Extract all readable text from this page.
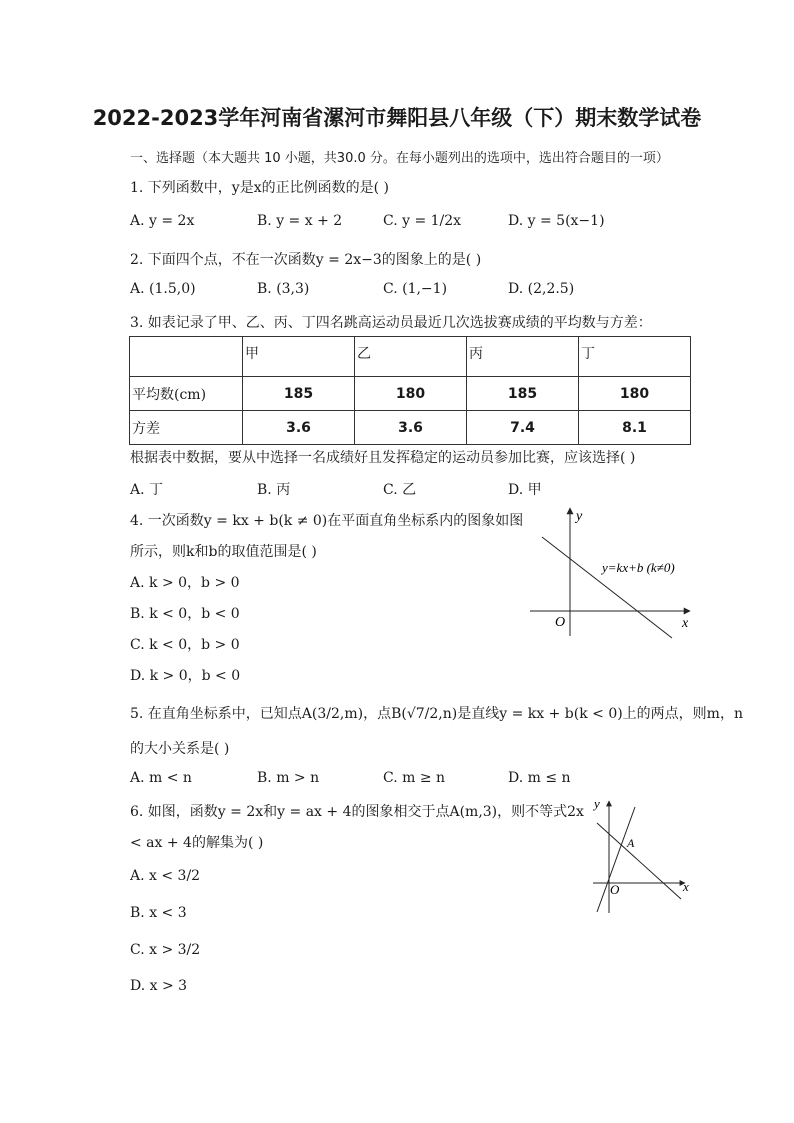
2022-2023学年河南省漯河市舞阳县八年级（下）期末数学试卷
一、选择题（本大题共 10 小题，共30.0 分。在每小题列出的选项中，选出符合题目的一项）
1. 下列函数中，y是x的正比例函数的是( )
A. y = 2x	B. y = x + 2	C. y = 1/2x	D. y = 5(x−1)
2. 下面四个点，不在一次函数y = 2x−3的图象上的是( )
A. (1.5,0)	B. (3,3)	C. (1,−1)	D. (2,2.5)
3. 如表记录了甲、乙、丙、丁四名跳高运动员最近几次选拔赛成绩的平均数与方差：
	甲	乙	丙	丁
平均数(cm)	185	180	185	180
方差	3.6	3.6	7.4	8.1
根据表中数据，要从中选择一名成绩好且发挥稳定的运动员参加比赛，应该选择( )
A. 丁	B. 丙	C. 乙	D. 甲
4. 一次函数y = kx + b(k ≠ 0)在平面直角坐标系内的图象如图
所示，则k和b的取值范围是( )
A. k > 0，b > 0
B. k < 0，b < 0
C. k < 0，b > 0
D. k > 0，b < 0
y
x
O
y=kx+b (k≠0)
5. 在直角坐标系中，已知点A(3/2,m)，点B(√7/2,n)是直线y = kx + b(k < 0)上的两点，则m，n
的大小关系是( )
A. m < n	B. m > n	C. m ≥ n	D. m ≤ n
6. 如图，函数y = 2x和y = ax + 4的图象相交于点A(m,3)，则不等式2x
< ax + 4的解集为( )
A. x < 3/2
B. x < 3
C. x > 3/2
D. x > 3
y
x
O
A
